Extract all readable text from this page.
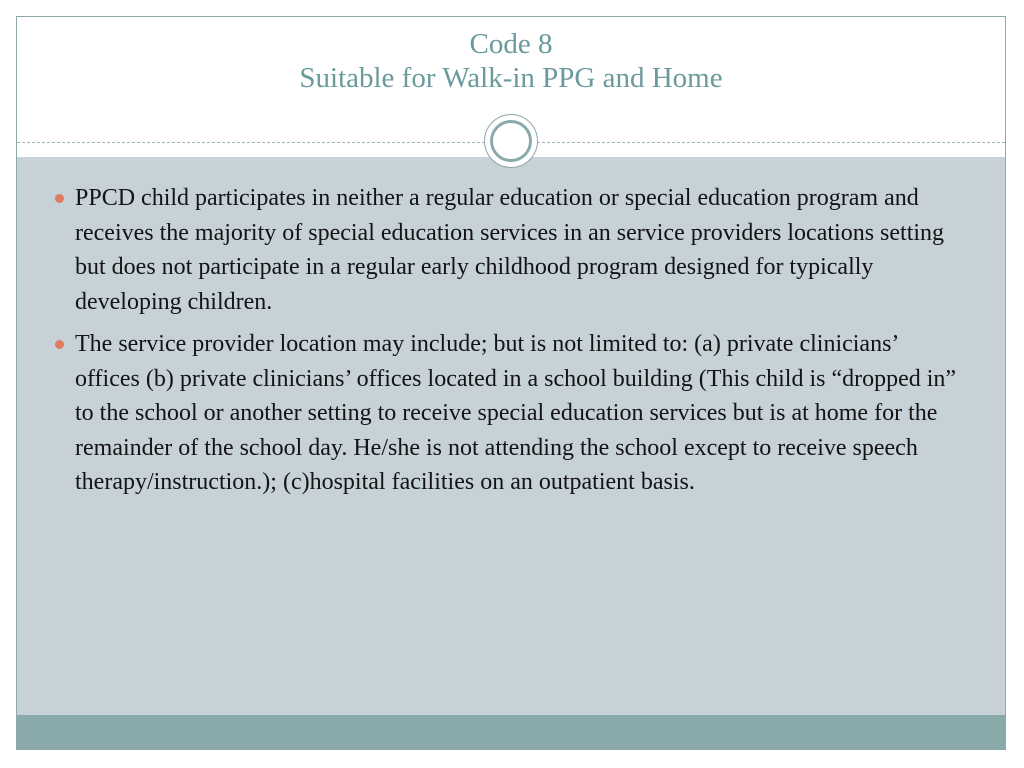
Code 8
Suitable for Walk-in PPG and Home
PPCD child participates in neither a regular education or special education program and receives the majority of special education services in an service providers locations setting but does not participate in a regular early childhood program designed for typically developing children.
The service provider location may include; but is not limited to: (a) private clinicians’ offices (b) private clinicians’ offices located in a school building (This child is “dropped in” to the school or another setting to receive special education services but is at home for the remainder of the school day. He/she is not attending the school except to receive speech therapy/instruction.); (c)hospital facilities on an outpatient basis.
